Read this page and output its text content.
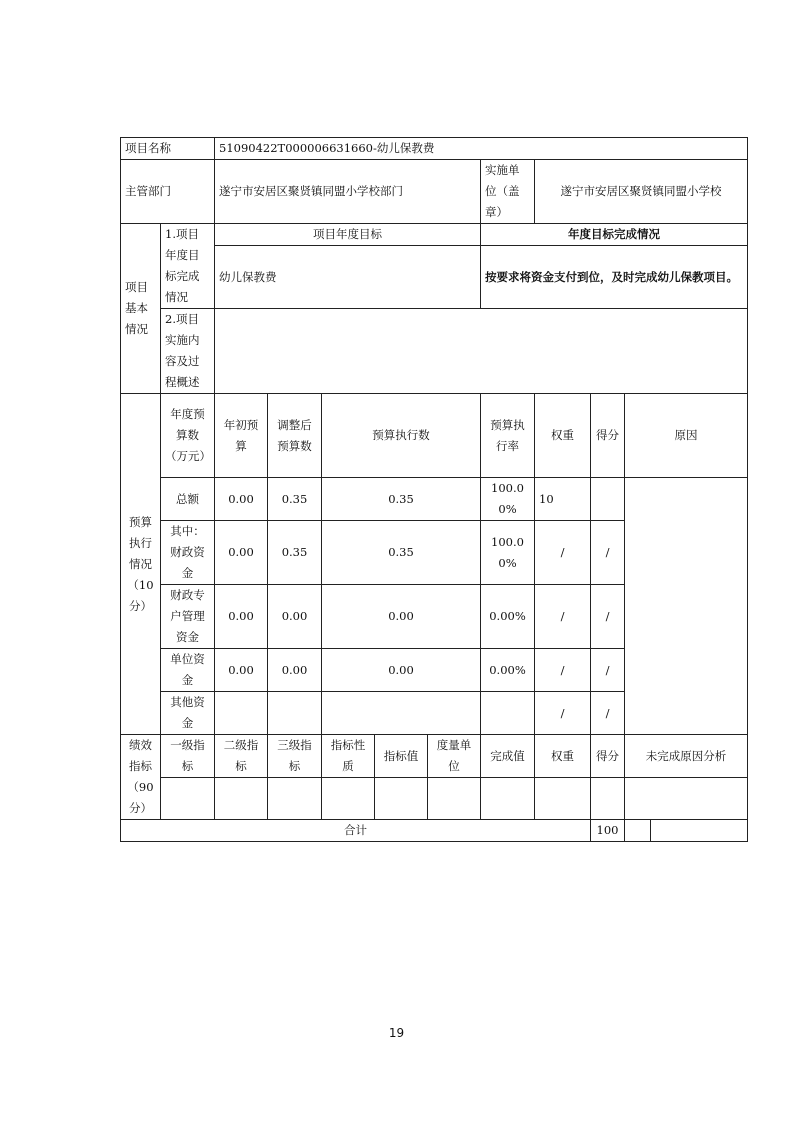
项目名称		51090422T000006631660-幼儿保教费									
主管部门		遂宁市安居区聚贤镇同盟小学校部门					实施单位（盖章）	遂宁市安居区聚贤镇同盟小学校			
项目基本情况	1.项目年度目标完成情况	项目年度目标					年度目标完成情况				
		幼儿保教费					按要求将资金支付到位，及时完成幼儿保教项目。				
	2.项目实施内容及过程概述										
预算执行情况（10分）	年度预算数（万元）	年初预算	调整后预算数	预算执行数			预算执行率	权重	得分	原因	
	总额	0.00	0.35	0.35			100.00%	10			
	其中：财政资金	0.00	0.35	0.35			100.00%	/	/		
	财政专户管理资金	0.00	0.00	0.00			0.00%	/	/		
	单位资金	0.00	0.00	0.00			0.00%	/	/		
	其他资金							/	/		
绩效指标（90分）	一级指标	二级指标	三级指标	指标性质	指标值	度量单位	完成值	权重	得分	未完成原因分析	

合计									100		
19
